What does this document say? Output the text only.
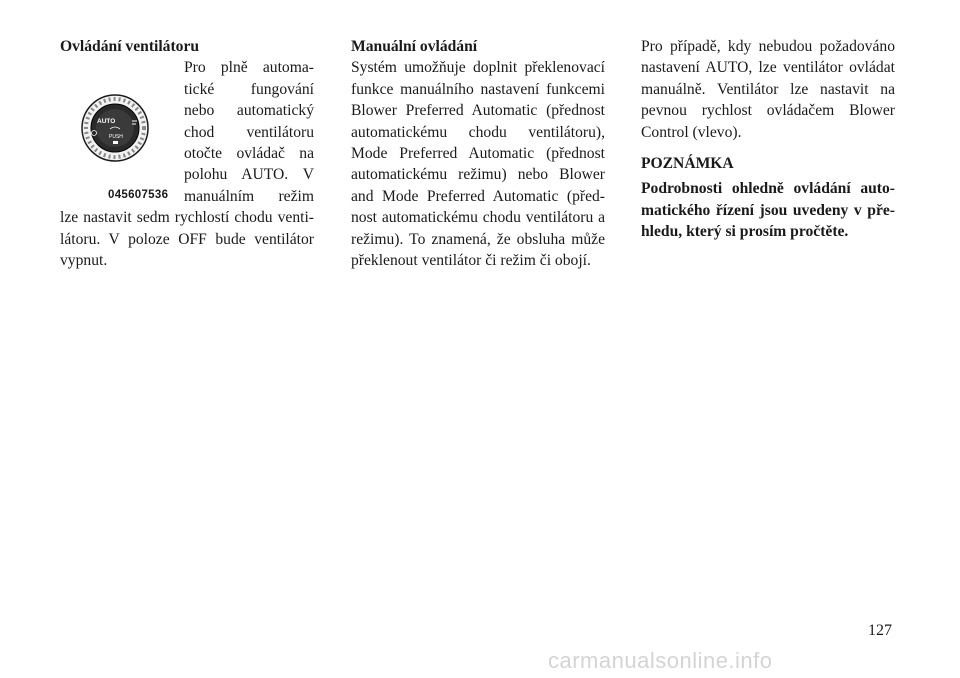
Ovládání ventilátoru

AUTO
PUSH
045607536

Pro plně automatické fungování nebo automatický chod ventilátoru otočte ovládač na polohu AUTO. V manuálním režim lze nastavit sedm rychlostí chodu ventilátoru. V poloze OFF bude ventilátor vypnut.

Manuální ovládání

Systém umožňuje doplnit překlenovací funkce manuálního nastavení funkcemi Blower Preferred Automatic (přednost automatickému chodu ventilátoru), Mode Preferred Automatic (přednost automatickému režimu) nebo Blower and Mode Preferred Automatic (přednost automatickému chodu ventilátoru a režimu). To znamená, že obsluha může překlenout ventilátor či režim či obojí.

Pro případě, kdy nebudou požadováno nastavení AUTO, lze ventilátor ovládat manuálně. Ventilátor lze nastavit na pevnou rychlost ovládačem Blower Control (vlevo).

POZNÁMKA

Podrobnosti ohledně ovládání automatického řízení jsou uvedeny v přehledu, který si prosím pročtěte.

127
carmanualsonline.info
